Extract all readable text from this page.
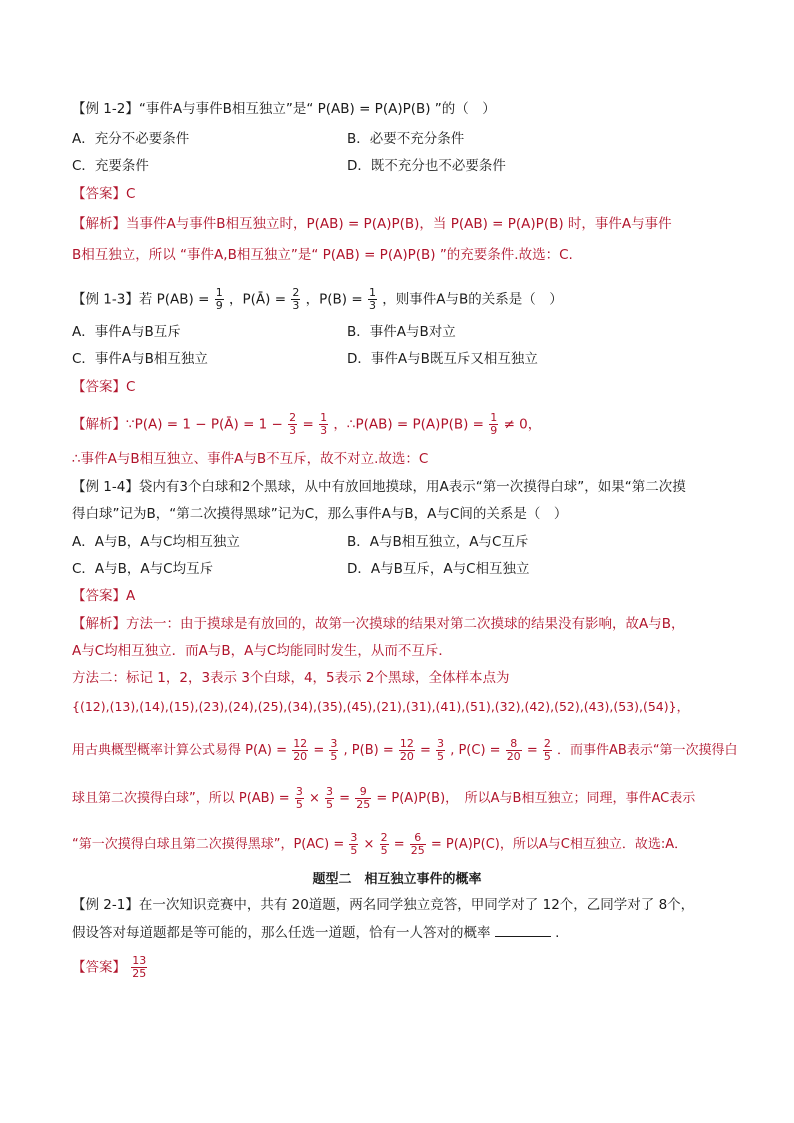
【例 1-2】“事件A与事件B相互独立”是“ P(AB) = P(A)P(B) ”的（　）
A．充分不必要条件	B．必要不充分条件
C．充要条件	D．既不充分也不必要条件
【答案】C
【解析】当事件A与事件B相互独立时，P(AB) = P(A)P(B)，当 P(AB) = P(A)P(B) 时，事件A与事件
B相互独立，所以 “事件A,B相互独立”是“ P(AB) = P(A)P(B) ”的充要条件.故选：C.
【例 1-3】若 $P(AB) = \frac{1}{9}$ ，P(Ā) = $\frac{2}{3}$ ，$P(B) = \frac{1}{3}$ ，则事件A与B的关系是（　）
A．事件A与B互斥	B．事件A与B对立
C．事件A与B相互独立	D．事件A与B既互斥又相互独立
【答案】C
【解析】∵P(A) = 1 − P(Ā) = $1 - \frac{2}{3} = \frac{1}{3}$ ，∴P(AB) = $P(A)P(B) = \frac{1}{9} \ne 0$，
∴事件A与B相互独立、事件A与B不互斥，故不对立.故选：C
【例 1-4】袋内有3个白球和2个黑球，从中有放回地摸球，用A表示“第一次摸得白球”，如果“第二次摸
得白球”记为B，“第二次摸得黑球”记为C，那么事件A与B，A与C间的关系是（　）
A．A与B，A与C均相互独立	B．A与B相互独立，A与C互斥
C．A与B，A与C均互斥	D．A与B互斥，A与C相互独立
【答案】A
【解析】方法一：由于摸球是有放回的，故第一次摸球的结果对第二次摸球的结果没有影响，故A与B，
A与C均相互独立．而A与B，A与C均能同时发生，从而不互斥．
方法二：标记 1，2，3表示 3个白球，4，5表示 2个黑球，全体样本点为
{(12),(13),(14),(15),(23),(24),(25),(34),(35),(45),(21),(31),(41),(51),(32),(42),(52),(43),(53),(54)}，
用古典概型概率计算公式易得 $P(A) = \frac{12}{20} = \frac{3}{5}$ , $P(B) = \frac{12}{20} = \frac{3}{5}$ , $P(C) = \frac{8}{20} = \frac{2}{5}$ ．而事件AB表示“第一次摸得白
球且第二次摸得白球”，所以 $P(AB) = \frac{3}{5} \times \frac{3}{5} = \frac{9}{25} = P(A)P(B)$，　所以A与B相互独立；同理，事件AC表示
“第一次摸得白球且第二次摸得黑球”，$P(AC) = \frac{3}{5} \times \frac{2}{5} = \frac{6}{25} = P(A)P(C)$，所以A与C相互独立．故选:A．
题型二　相互独立事件的概率
【例 2-1】在一次知识竞赛中，共有 20道题，两名同学独立竞答，甲同学对了 12个，乙同学对了 8个，
假设答对每道题都是等可能的，那么任选一道题，恰有一人答对的概率	.
【答案】 $\frac{13}{25}$
